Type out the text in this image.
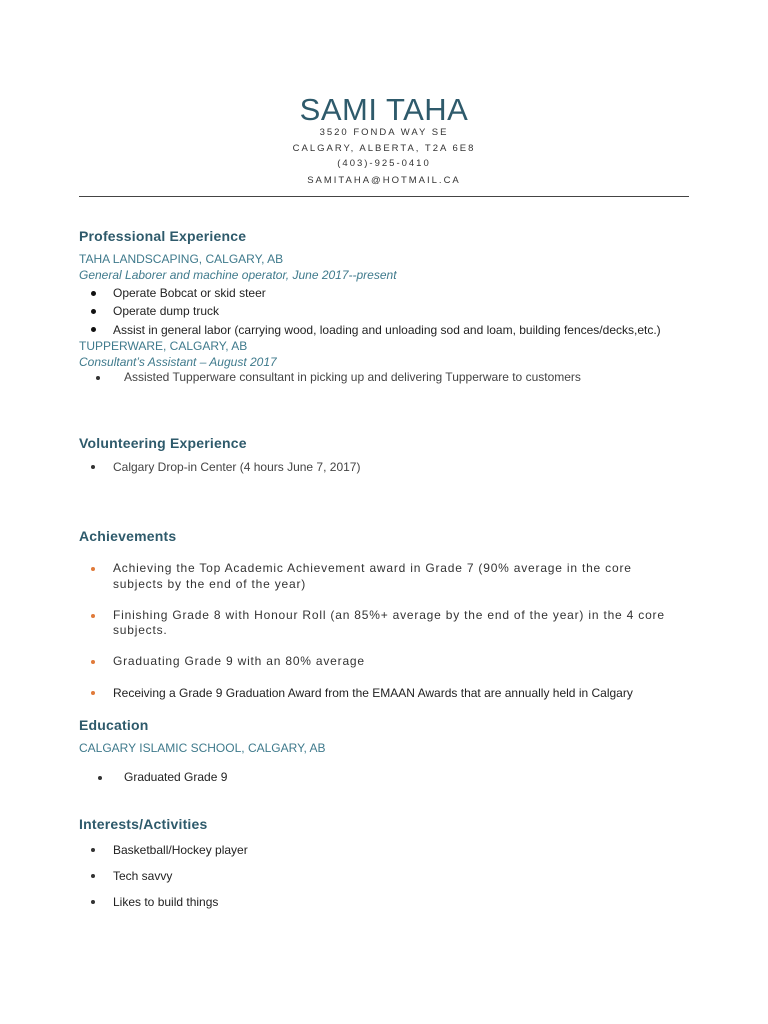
SAMI TAHA
3520 FONDA WAY SE
CALGARY, ALBERTA, T2A 6E8
(403)-925-0410
SAMITAHA@HOTMAIL.CA
Professional Experience
TAHA LANDSCAPING, CALGARY, AB
General Laborer and machine operator, June 2017--present
Operate Bobcat or skid steer
Operate dump truck
Assist in general labor (carrying wood, loading and unloading sod and loam, building fences/decks,etc.)
TUPPERWARE, CALGARY, AB
Consultant’s Assistant – August 2017
Assisted Tupperware consultant in picking up and delivering Tupperware to customers
Volunteering Experience
Calgary Drop-in Center (4 hours June 7, 2017)
Achievements
Achieving the Top Academic Achievement award in Grade 7 (90% average in the core
subjects by the end of the year)
Finishing Grade 8 with Honour Roll (an 85%+ average by the end of the year) in the 4 core
subjects.
Graduating Grade 9 with an 80% average
Receiving a Grade 9 Graduation Award from the EMAAN Awards that are annually held in Calgary
Education
CALGARY ISLAMIC SCHOOL, CALGARY, AB
Graduated Grade 9
Interests/Activities
Basketball/Hockey player
Tech savvy
Likes to build things
